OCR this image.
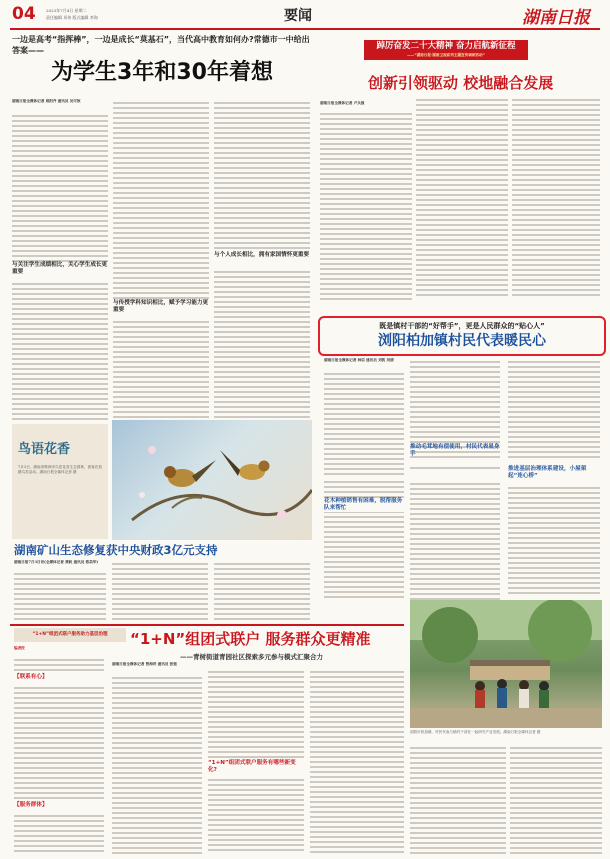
04	2023年7月4日 星期二
责任编辑 邓伟 版式编辑 李海	要闻	湖南日报
一边是高考“指挥棒”，一边是成长“莫基石”，当代高中教育如何办?常德市一中给出答案——
为学生3年和30年着想
湖南日报全媒体记者 周阳齐 通讯员 吴可欣
与关注学生成绩相比，关心学生成长更重要
与传授学科知识相比，赋予学习能力更重要
与个人成长相比，拥有家国情怀更重要
踔厉奋发二十大精神 奋力启航新征程
——“湖南日报·湖南卫视系列主题宣传调研活动”
创新引领驱动 校地融合发展
湖南日报全媒体记者 卢头强
既是镇村干部的“好帮手”，更是人民群众的“贴心人”
浏阳柏加镇村民代表暖民心
湖南日报全媒体记者 林信 通讯员 刘凯 刘倩
推动毛茸地有偿使用，村民代表显身手
推进基层治理体系建设，小屋架起“连心桥”
花木种植销售有困难，脱帮服务队来帮忙
鸟语花香
7月3日，湖南省株洲市鸟语花香生态园林，游客在拍摄鸟类活动。湖南日报全媒体记者 摄
湖南矿山生态修复获中央财政3亿元支持
湖南日报7月3日讯(全媒体记者 黄帆 通讯员 蒋美华)
浏阳市柏加镇，村民代表与镇村干部在一起研究产业发展。湖南日报全媒体记者 摄
“1+N”组团式联户 服务群众更精准
——青树街道青园社区探索多元参与模式汇聚合力
“1+N”组团式联户服务助力基层治理
编者按
【联系有心】
【服务群体】
湖南日报全媒体记者 曾海洋 通讯员 张弛
“1+N”组团式联户服务有哪些新变化?
